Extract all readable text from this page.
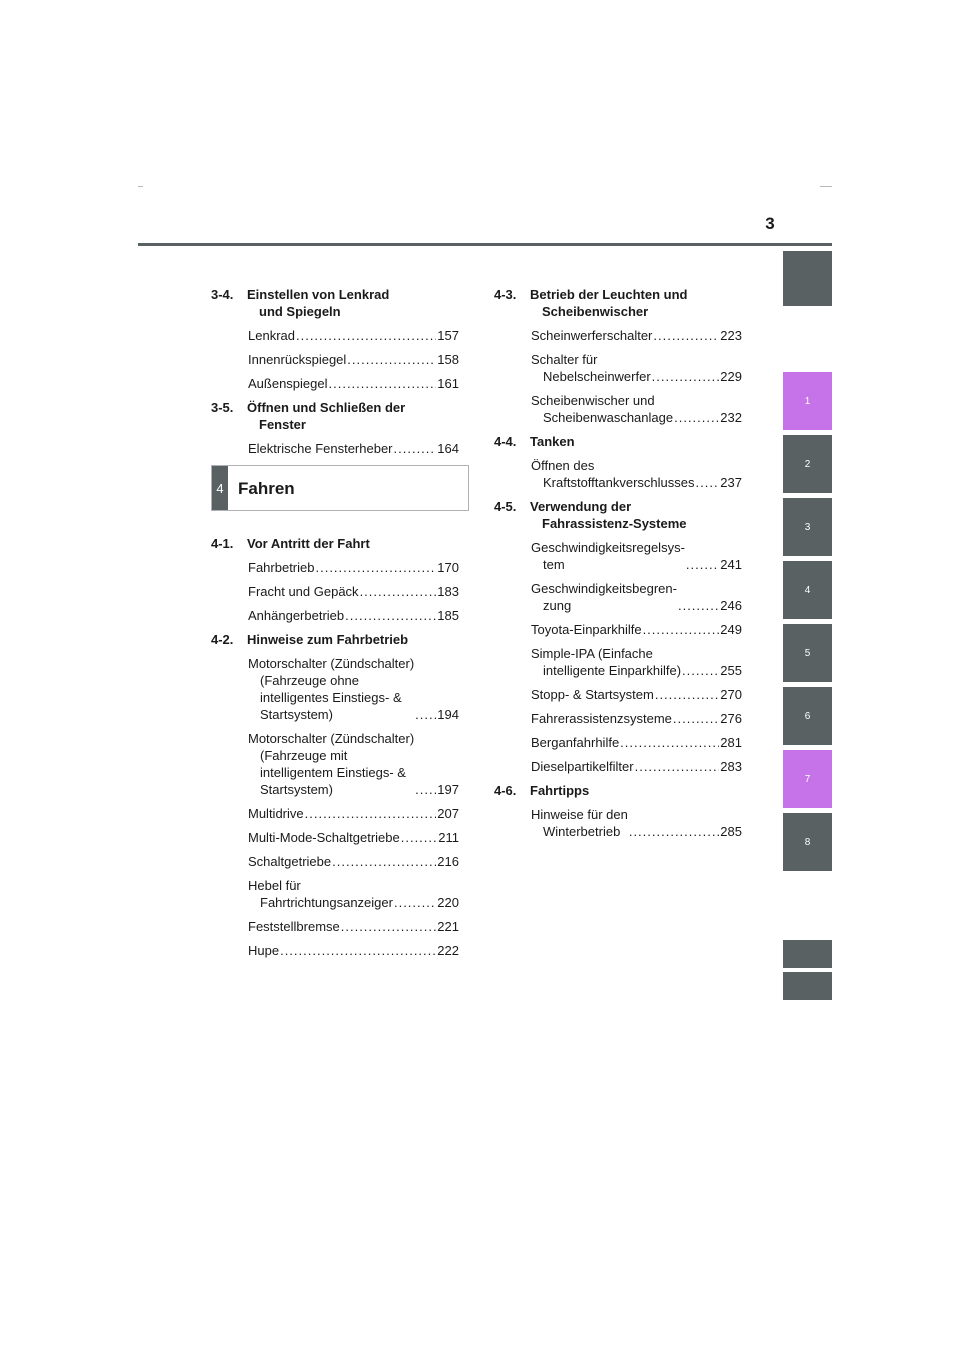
3
3-4.	Einstellen von Lenkrad
und Spiegeln
Lenkrad .....	157
Innenrückspiegel .....	158
Außenspiegel .....	161
3-5.	Öffnen und Schließen der
Fenster
Elektrische Fensterheber .....	164
4 Fahren
4-1.	Vor Antritt der Fahrt
Fahrbetrieb .....	170
Fracht und Gepäck .....	183
Anhängerbetrieb .....	185
4-2.	Hinweise zum Fahrbetrieb
Motorschalter (Zündschalter)
(Fahrzeuge ohne
intelligentes Einstiegs- &
Startsystem) .....	194
Motorschalter (Zündschalter)
(Fahrzeuge mit
intelligentem Einstiegs- &
Startsystem) .....	197
Multidrive .....	207
Multi-Mode-Schaltgetriebe .....	211
Schaltgetriebe .....	216
Hebel für
Fahrtrichtungsanzeiger .....	220
Feststellbremse .....	221
Hupe .....	222
4-3.	Betrieb der Leuchten und
Scheibenwischer
Scheinwerferschalter .....	223
Schalter für
Nebelscheinwerfer .....	229
Scheibenwischer und
Scheibenwaschanlage .....	232
4-4.	Tanken
Öffnen des
Kraftstofftankverschlusses ..... 237
4-5.	Verwendung der
Fahrassistenz-Systeme
Geschwindigkeitsregelsys-
tem .....	241
Geschwindigkeitsbegren-
zung .....	246
Toyota-Einparkhilfe .....	249
Simple-IPA (Einfache
intelligente Einparkhilfe) .....	255
Stopp- & Startsystem .....	270
Fahrerassistenzsysteme .....	276
Berganfahrhilfe .....	281
Dieselpartikelfilter .....	283
4-6.	Fahrtipps
Hinweise für den
Winterbetrieb .....	285
1
2
3
4
5
6
7
8
